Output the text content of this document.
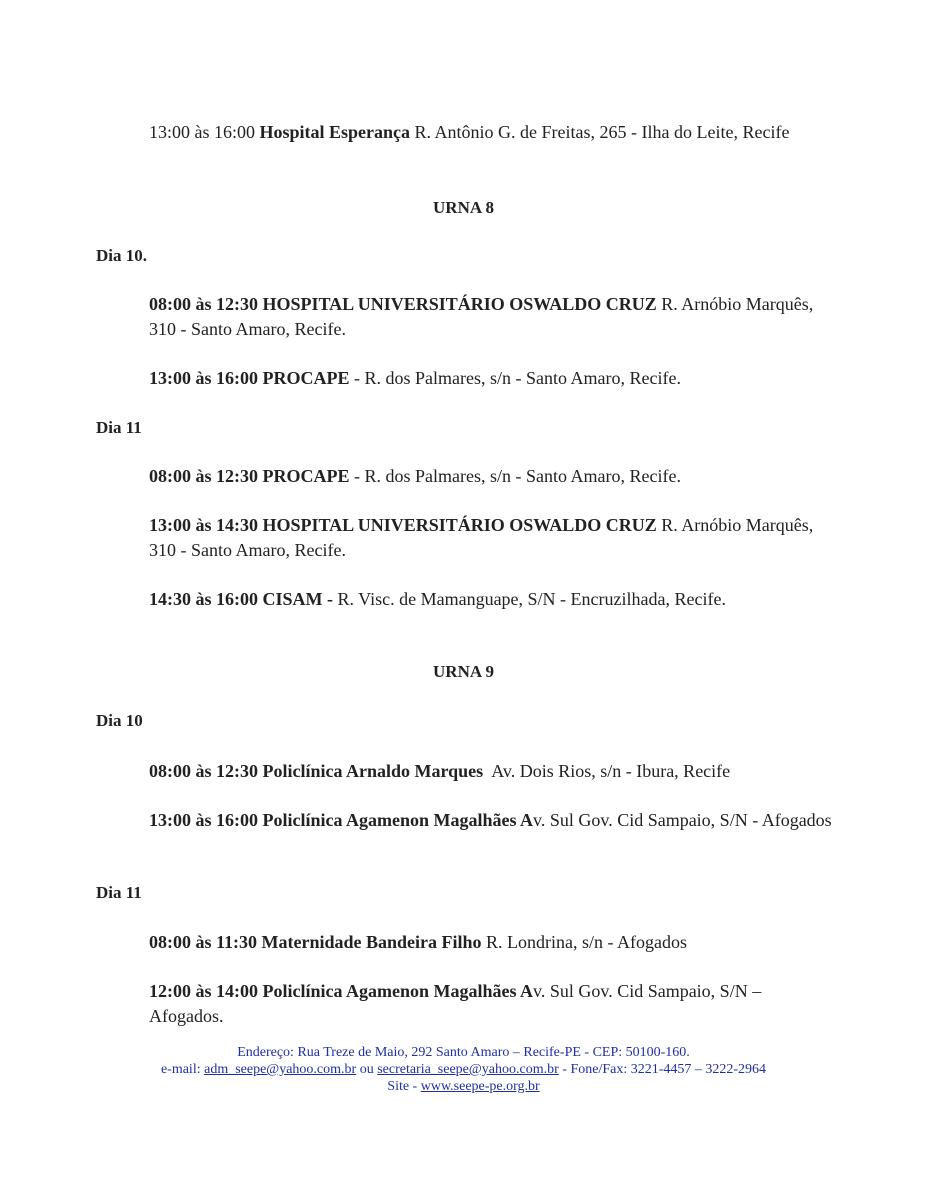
13:00 às 16:00 Hospital Esperança R. Antônio G. de Freitas, 265 - Ilha do Leite, Recife
URNA 8
Dia 10.
08:00 às 12:30 HOSPITAL UNIVERSITÁRIO OSWALDO CRUZ R. Arnóbio Marquês, 310 - Santo Amaro, Recife.
13:00 às 16:00 PROCAPE - R. dos Palmares, s/n - Santo Amaro, Recife.
Dia 11
08:00 às 12:30 PROCAPE - R. dos Palmares, s/n - Santo Amaro, Recife.
13:00 às 14:30 HOSPITAL UNIVERSITÁRIO OSWALDO CRUZ R. Arnóbio Marquês, 310 - Santo Amaro, Recife.
14:30 às 16:00 CISAM - R. Visc. de Mamanguape, S/N - Encruzilhada, Recife.
URNA 9
Dia 10
08:00 às 12:30 Policlínica Arnaldo Marques  Av. Dois Rios, s/n - Ibura, Recife
13:00 às 16:00 Policlínica Agamenon Magalhães Av. Sul Gov. Cid Sampaio, S/N - Afogados
Dia 11
08:00 às 11:30 Maternidade Bandeira Filho R. Londrina, s/n - Afogados
12:00 às 14:00 Policlínica Agamenon Magalhães Av. Sul Gov. Cid Sampaio, S/N – Afogados.
Endereço: Rua Treze de Maio, 292 Santo Amaro – Recife-PE - CEP: 50100-160.
e-mail: adm_seepe@yahoo.com.br ou secretaria_seepe@yahoo.com.br - Fone/Fax: 3221-4457 – 3222-2964
Site - www.seepe-pe.org.br
